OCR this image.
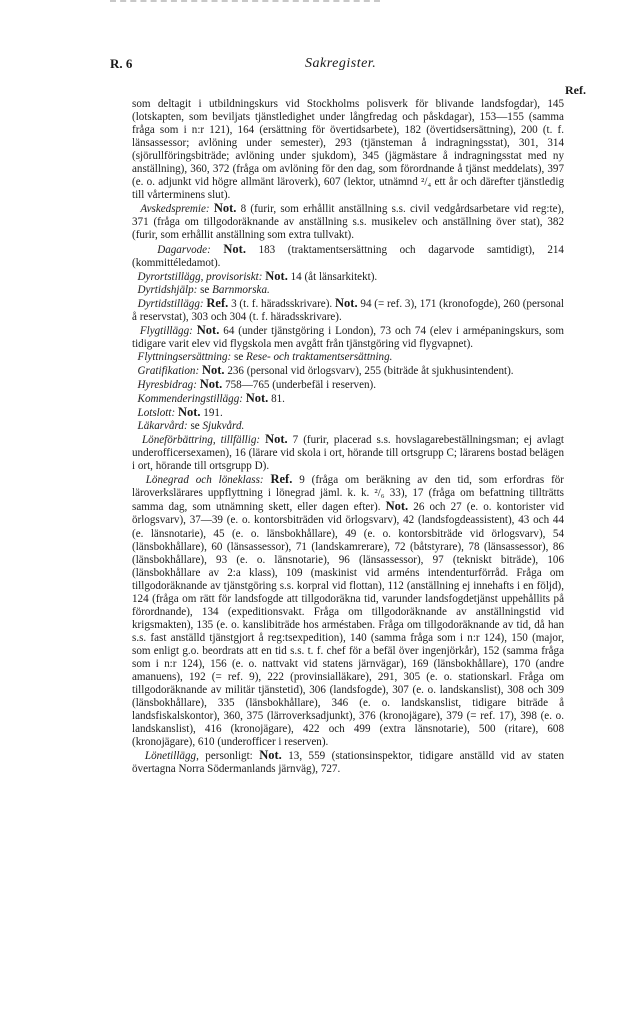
R. 6	Sakregister.
Ref.

som deltagit i utbildningskurs vid Stockholms polisverk för blivande landsfogdar), 145 (lotskapten, som beviljats tjänstledighet under långfredag och påskdagar), 153—155 (samma fråga som i n:r 121), 164 (ersättning för övertidsarbete), 182 (övertidsersättning), 200 (t. f. länsassessor; avlöning under semester), 293 (tjänsteman å indragningsstat), 301, 314 (sjörullföringsbiträde; avlöning under sjukdom), 345 (jägmästare å indragningsstat med ny anställning), 360, 372 (fråga om avlöning för den dag, som förordnande å tjänst meddelats), 397 (e. o. adjunkt vid högre allmänt läroverk), 607 (lektor, utnämnd ²/₄ ett år och därefter tjänstledig till vårterminens slut).

Avskedspremie: Not. 8 (furir, som erhållit anställning s.s. civil vedgårdsarbetare vid reg:te), 371 (fråga om tillgodoräknande av anställning s.s. musikelev och anställning över stat), 382 (furir, som erhållit anställning som extra tullvakt).

Dagarvode: Not. 183 (traktamentsersättning och dagarvode samtidigt), 214 (kommittéledamot).

Dyrortstillägg, provisoriskt: Not. 14 (åt länsarkitekt).

Dyrtidshjälp: se Barnmorska.

Dyrtidstillägg: Ref. 3 (t. f. häradsskrivare). Not. 94 (= ref. 3), 171 (kronofogde), 260 (personal å reservstat), 303 och 304 (t. f. häradsskrivare).

Flygtillägg: Not. 64 (under tjänstgöring i London), 73 och 74 (elev i armépaningskurs, som tidigare varit elev vid flygskola men avgått från tjänstgöring vid flygvapnet).

Flyttningsersättning: se Rese- och traktamentsersättning.

Gratifikation: Not. 236 (personal vid örlogsvarv), 255 (biträde åt sjukhusintendent).

Hyresbidrag: Not. 758—765 (underbefäl i reserven).

Kommenderingstillägg: Not. 81.

Lotslott: Not. 191.

Läkarvård: se Sjukvård.

Löneförbättring, tillfällig: Not. 7 (furir, placerad s.s. hovslagarebeställningsman; ej avlagt underofficersexamen), 16 (lärare vid skola i ort, hörande till ortsgrupp C; lärarens bostad belägen i ort, hörande till ortsgrupp D).

Lönegrad och löneklass: Ref. 9 (fråga om beräkning av den tid, som erfordras för läroverkslärares uppflyttning i lönegrad jäml. k. k. ²/₆ 33), 17 (fråga om befattning tillträtts samma dag, som utnämning skett, eller dagen efter). Not. 26 och 27 (e. o. kontorister vid örlogsvarv), 37—39 (e. o. kontorsbiträden vid örlogsvarv), 42 (landsfogdeassistent), 43 och 44 (e. länsnotarie), 45 (e. o. länsbokhållare), 49 (e. o. kontorsbiträde vid örlogsvarv), 54 (länsbokhållare), 60 (länsassessor), 71 (landskamrerare), 72 (båtstyrare), 78 (länsassessor), 86 (länsbokhållare), 93 (e. o. länsnotarie), 96 (länsassessor), 97 (tekniskt biträde), 106 (länsbokhållare av 2:a klass), 109 (maskinist vid arméns intendenturförråd. Fråga om tillgodoräknande av tjänstgöring s.s. korpral vid flottan), 112 (anställning ej innehafts i en följd), 124 (fråga om rätt för landsfogde att tillgodoräkna tid, varunder landsfogdetjänst uppehållits på förordnande), 134 (expeditionsvakt. Fråga om tillgodoräknande av anställningstid vid krigsmakten), 135 (e. o. kanslibiträde hos arméstaben. Fråga om tillgodoräknande av tid, då han s.s. fast anställd tjänstgjort å reg:tsexpedition), 140 (samma fråga som i n:r 124), 150 (major, som enligt g.o. beordrats att en tid s.s. t. f. chef för a befäl över ingenjörkår), 152 (samma fråga som i n:r 124), 156 (e. o. nattvakt vid statens järnvägar), 169 (länsbokhållare), 170 (andre amanuens), 192 (= ref. 9), 222 (provinsialläkare), 291, 305 (e. o. stationskarl. Fråga om tillgodoräknande av militär tjänstetid), 306 (landsfogde), 307 (e. o. landskanslist), 308 och 309 (länsbokhållare), 335 (länsbokhållare), 346 (e. o. landskanslist, tidigare biträde å landsfiskalskontor), 360, 375 (lärroverksadjunkt), 376 (kronojägare), 379 (= ref. 17), 398 (e. o. landskanslist), 416 (kronojägare), 422 och 499 (extra länsnotarie), 500 (ritare), 608 (kronojägare), 610 (underofficer i reserven).

Lönetillägg, personligt: Not. 13, 559 (stationsinspektor, tidigare anställd vid av staten övertagna Norra Södermanlands järnväg), 727.
